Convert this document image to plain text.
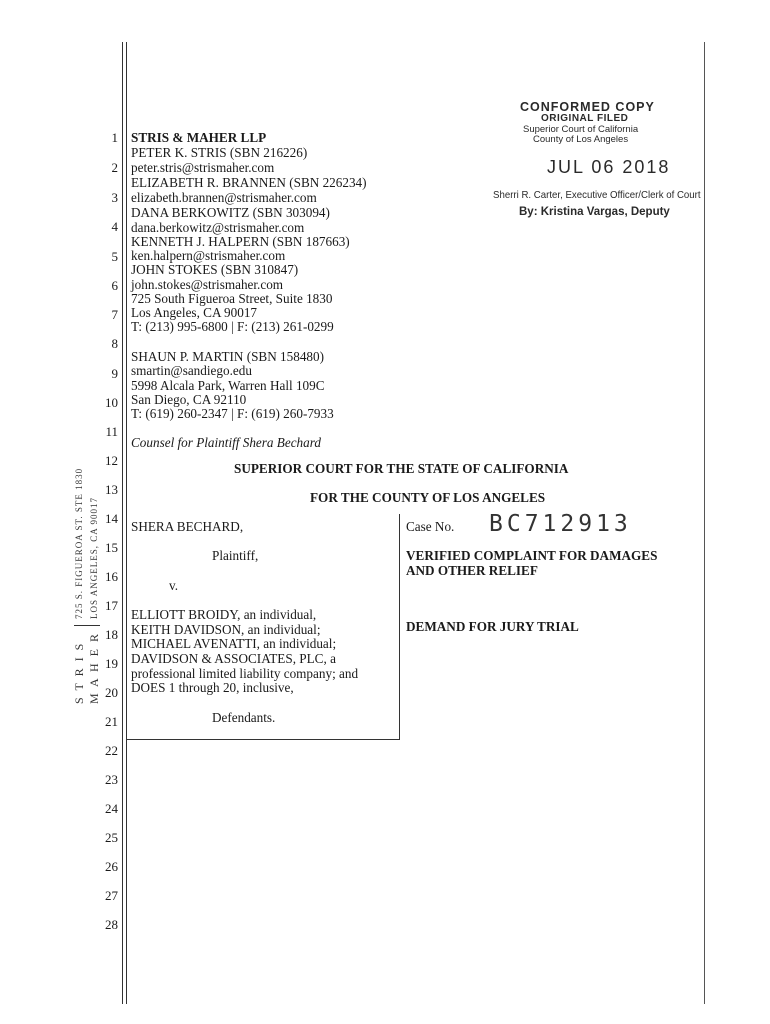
1
2
3
4
5
6
7
8
9
10
11
12
13
14
15
16
17
18
19
20
21
22
23
24
25
26
27
28
CONFORMED COPY
ORIGINAL FILED
Superior Court of California
County of Los Angeles
JUL 06 2018
Sherri R. Carter, Executive Officer/Clerk of Court
By: Kristina Vargas, Deputy
STRIS & MAHER LLP
PETER K. STRIS (SBN 216226)
peter.stris@strismaher.com
ELIZABETH R. BRANNEN (SBN 226234)
elizabeth.brannen@strismaher.com
DANA BERKOWITZ (SBN 303094)
dana.berkowitz@strismaher.com
KENNETH J. HALPERN (SBN 187663)
ken.halpern@strismaher.com
JOHN STOKES (SBN 310847)
john.stokes@strismaher.com
725 South Figueroa Street, Suite 1830
Los Angeles, CA 90017
T: (213) 995-6800 | F: (213) 261-0299
SHAUN P. MARTIN (SBN 158480)
smartin@sandiego.edu
5998 Alcala Park, Warren Hall 109C
San Diego, CA 92110
T: (619) 260-2347 | F: (619) 260-7933
Counsel for Plaintiff Shera Bechard
SUPERIOR COURT FOR THE STATE OF CALIFORNIA
FOR THE COUNTY OF LOS ANGELES
SHERA BECHARD,
Plaintiff,
v.
ELLIOTT BROIDY, an individual,
KEITH DAVIDSON, an individual;
MICHAEL AVENATTI, an individual;
DAVIDSON & ASSOCIATES, PLC, a
professional limited liability company; and
DOES 1 through 20, inclusive,
Defendants.
Case No. BC712913
VERIFIED COMPLAINT FOR DAMAGES
AND OTHER RELIEF
DEMAND FOR JURY TRIAL
S T R I S M A H E R
725 S. FIGUEROA ST. STE 1830 LOS ANGELES, CA 90017
